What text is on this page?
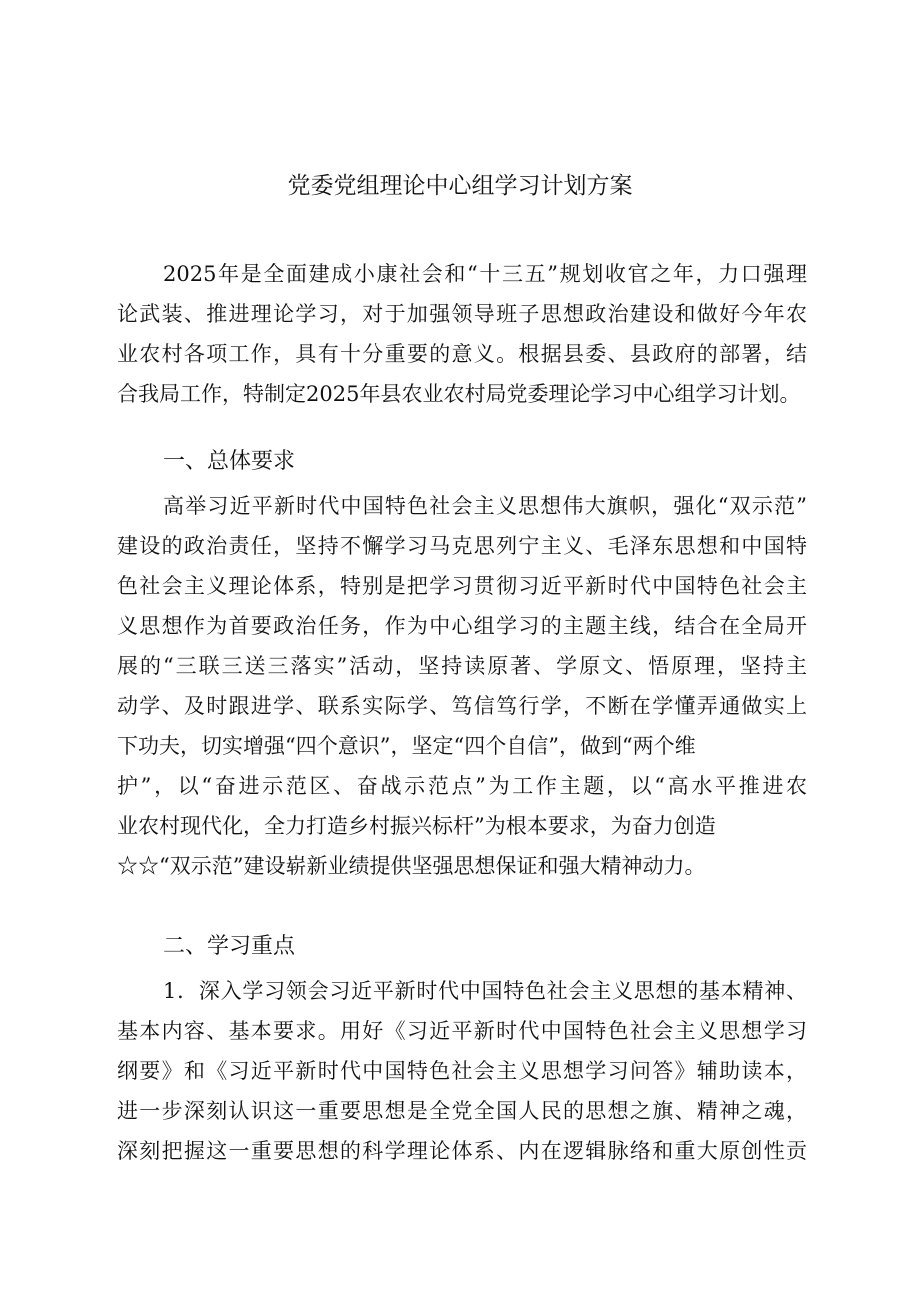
党委党组理论中心组学习计划方案
2025年是全面建成小康社会和“十三五”规划收官之年，力口强理
论武装、推进理论学习，对于加强领导班子思想政治建设和做好今年农
业农村各项工作，具有十分重要的意义。根据县委、县政府的部署，结
合我局工作，特制定2025年县农业农村局党委理论学习中心组学习计划。
一、总体要求
高举习近平新时代中国特色社会主义思想伟大旗帜，强化“双示范”
建设的政治责任，坚持不懈学习马克思列宁主义、毛泽东思想和中国特
色社会主义理论体系，特别是把学习贯彻习近平新时代中国特色社会主
义思想作为首要政治任务，作为中心组学习的主题主线，结合在全局开
展的“三联三送三落实”活动，坚持读原著、学原文、悟原理，坚持主
动学、及时跟进学、联系实际学、笃信笃行学，不断在学懂弄通做实上
下功夫，切实增强“四个意识”，坚定“四个自信”，做到“两个维
护”，以“奋进示范区、奋战示范点”为工作主题，以“高水平推进农
业农村现代化，全力打造乡村振兴标杆”为根本要求，为奋力创造
☆☆“双示范”建设崭新业绩提供坚强思想保证和强大精神动力。
二、学习重点
1．深入学习领会习近平新时代中国特色社会主义思想的基本精神、
基本内容、基本要求。用好《习近平新时代中国特色社会主义思想学习
纲要》和《习近平新时代中国特色社会主义思想学习问答》辅助读本，
进一步深刻认识这一重要思想是全党全国人民的思想之旗、精神之魂，
深刻把握这一重要思想的科学理论体系、内在逻辑脉络和重大原创性贡
